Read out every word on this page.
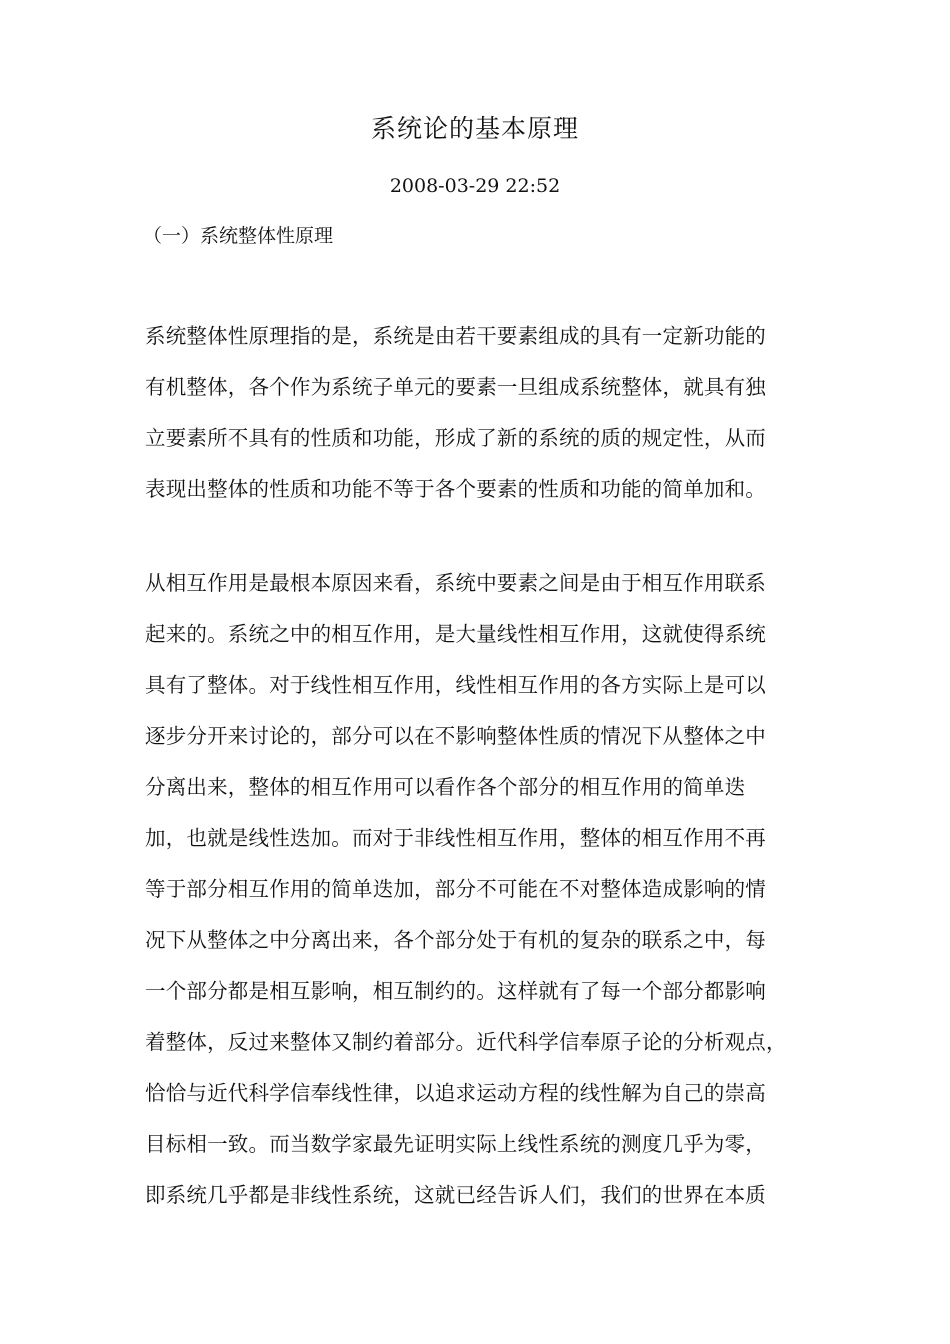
系统论的基本原理
2008-03-29 22:52
（一）系统整体性原理
系统整体性原理指的是，系统是由若干要素组成的具有一定新功能的
有机整体，各个作为系统子单元的要素一旦组成系统整体，就具有独
立要素所不具有的性质和功能，形成了新的系统的质的规定性，从而
表现出整体的性质和功能不等于各个要素的性质和功能的简单加和。
从相互作用是最根本原因来看，系统中要素之间是由于相互作用联系
起来的。系统之中的相互作用，是大量线性相互作用，这就使得系统
具有了整体。对于线性相互作用，线性相互作用的各方实际上是可以
逐步分开来讨论的，部分可以在不影响整体性质的情况下从整体之中
分离出来，整体的相互作用可以看作各个部分的相互作用的简单迭
加，也就是线性迭加。而对于非线性相互作用，整体的相互作用不再
等于部分相互作用的简单迭加，部分不可能在不对整体造成影响的情
况下从整体之中分离出来，各个部分处于有机的复杂的联系之中，每
一个部分都是相互影响，相互制约的。这样就有了每一个部分都影响
着整体，反过来整体又制约着部分。近代科学信奉原子论的分析观点，
恰恰与近代科学信奉线性律，以追求运动方程的线性解为自己的崇高
目标相一致。而当数学家最先证明实际上线性系统的测度几乎为零，
即系统几乎都是非线性系统，这就已经告诉人们，我们的世界在本质
